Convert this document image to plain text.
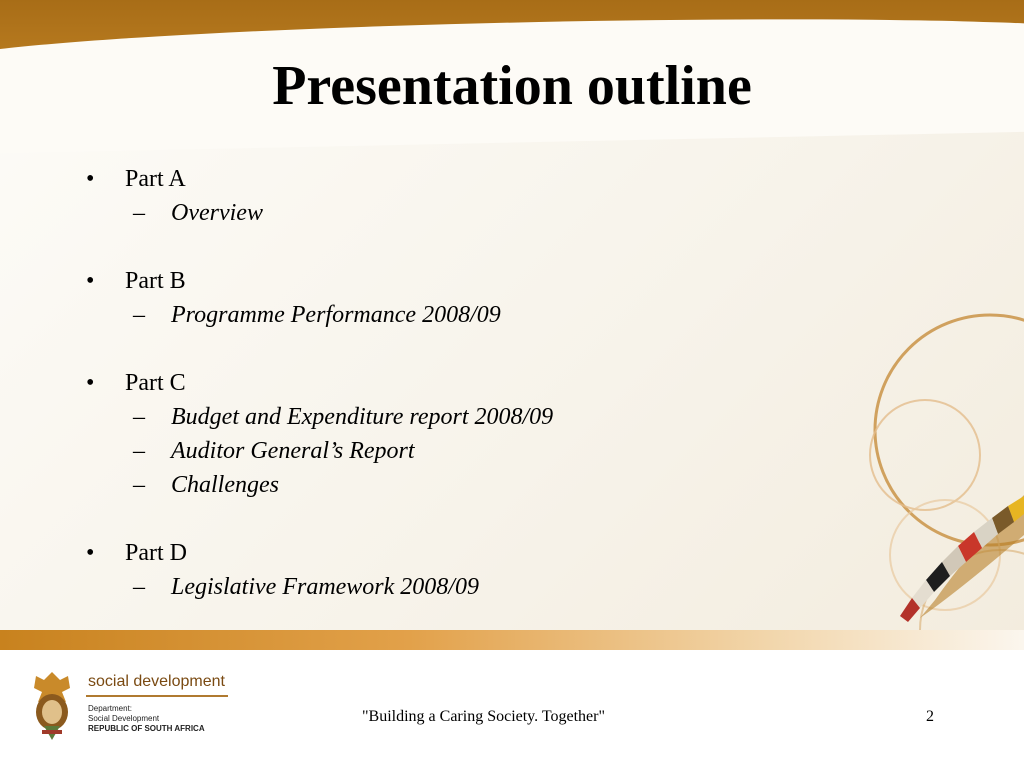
Presentation outline
• Part A
– Overview
• Part B
– Programme Performance 2008/09
• Part C
– Budget and Expenditure report 2008/09
– Auditor General’s Report
– Challenges
• Part D
– Legislative Framework 2008/09
social development
Department:
Social Development
REPUBLIC OF SOUTH AFRICA
"Building a Caring Society. Together"	2
